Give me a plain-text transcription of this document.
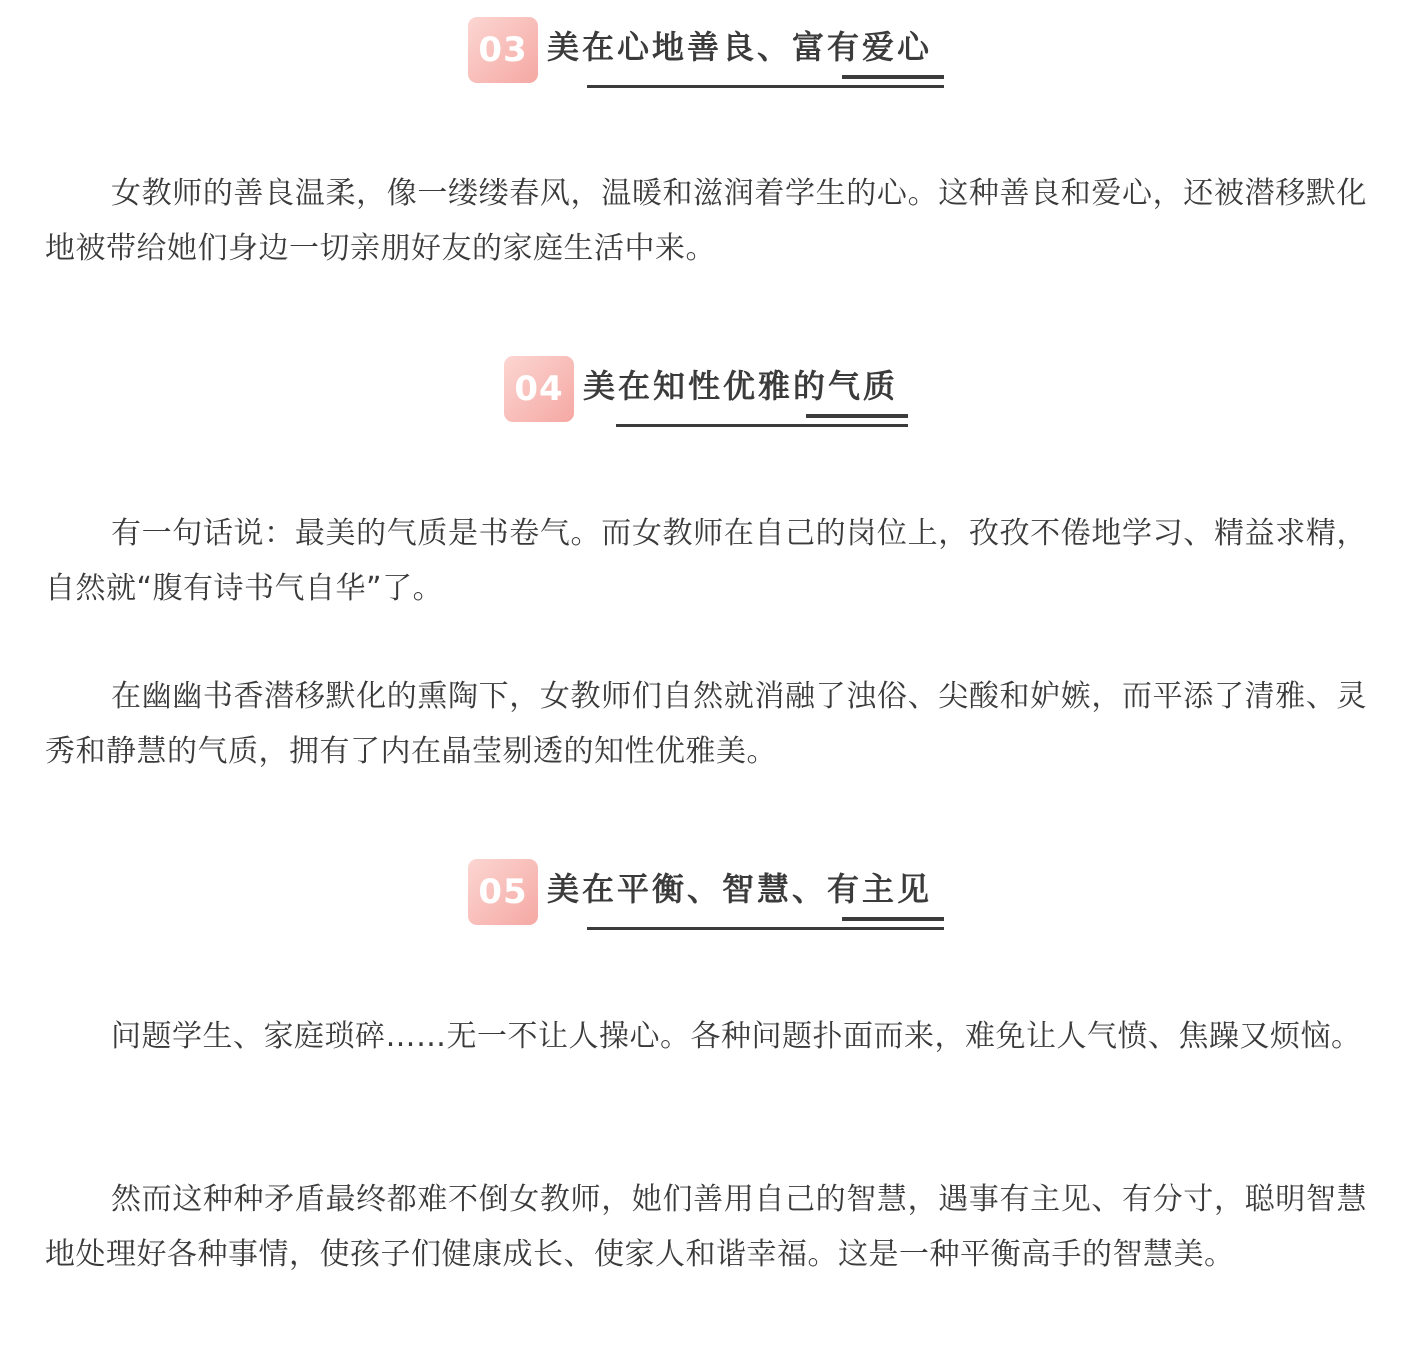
03 美在心地善良、富有爱心

女教师的善良温柔，像一缕缕春风，温暖和滋润着学生的心。这种善良和爱心，还被潜移默化地被带给她们身边一切亲朋好友的家庭生活中来。

04 美在知性优雅的气质

有一句话说：最美的气质是书卷气。而女教师在自己的岗位上，孜孜不倦地学习、精益求精，自然就“腹有诗书气自华”了。

在幽幽书香潜移默化的熏陶下，女教师们自然就消融了浊俗、尖酸和妒嫉，而平添了清雅、灵秀和静慧的气质，拥有了内在晶莹剔透的知性优雅美。

05 美在平衡、智慧、有主见

问题学生、家庭琐碎……无一不让人操心。各种问题扑面而来，难免让人气愤、焦躁又烦恼。

然而这种种矛盾最终都难不倒女教师，她们善用自己的智慧，遇事有主见、有分寸，聪明智慧地处理好各种事情，使孩子们健康成长、使家人和谐幸福。这是一种平衡高手的智慧美。
